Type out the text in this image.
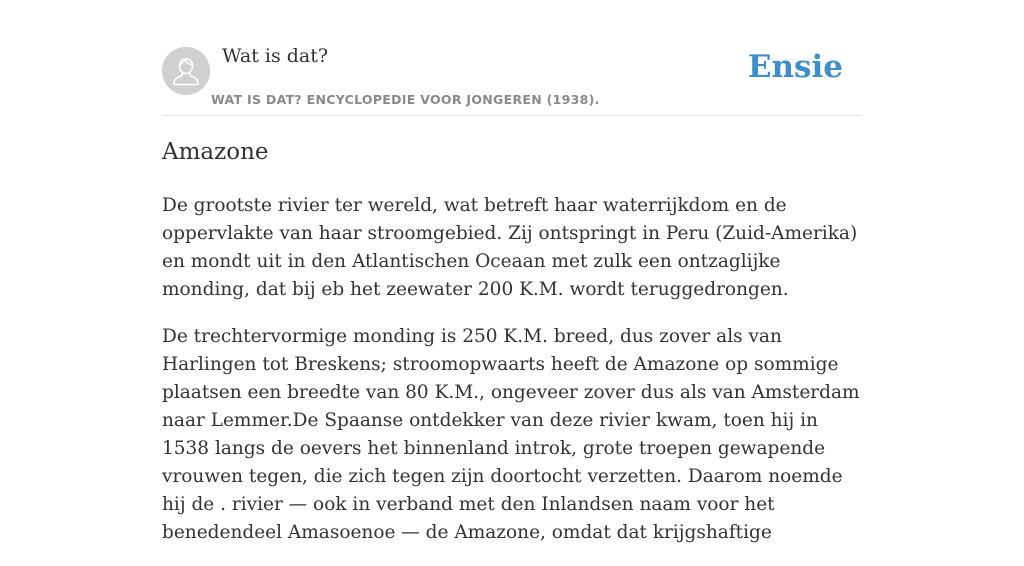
Wat is dat?
WAT IS DAT? ENCYCLOPEDIE VOOR JONGEREN (1938).
Ensie
Amazone

De grootste rivier ter wereld, wat betreft haar waterrijkdom en de oppervlakte van haar stroomgebied. Zij ontspringt in Peru (Zuid-Amerika) en mondt uit in den Atlantischen Oceaan met zulk een ontzaglijke monding, dat bij eb het zeewater 200 K.M. wordt teruggedrongen.

De trechtervormige monding is 250 K.M. breed, dus zover als van Harlingen tot Breskens; stroomopwaarts heeft de Amazone op sommige plaatsen een breedte van 80 K.M., ongeveer zover dus als van Amsterdam naar Lemmer.De Spaanse ontdekker van deze rivier kwam, toen hij in 1538 langs de oevers het binnenland introk, grote troepen gewapende vrouwen tegen, die zich tegen zijn doortocht verzetten. Daarom noemde hij de . rivier — ook in verband met den Inlandsen naam voor het benedendeel Amasoenoe — de Amazone, omdat dat krijgshaftige
